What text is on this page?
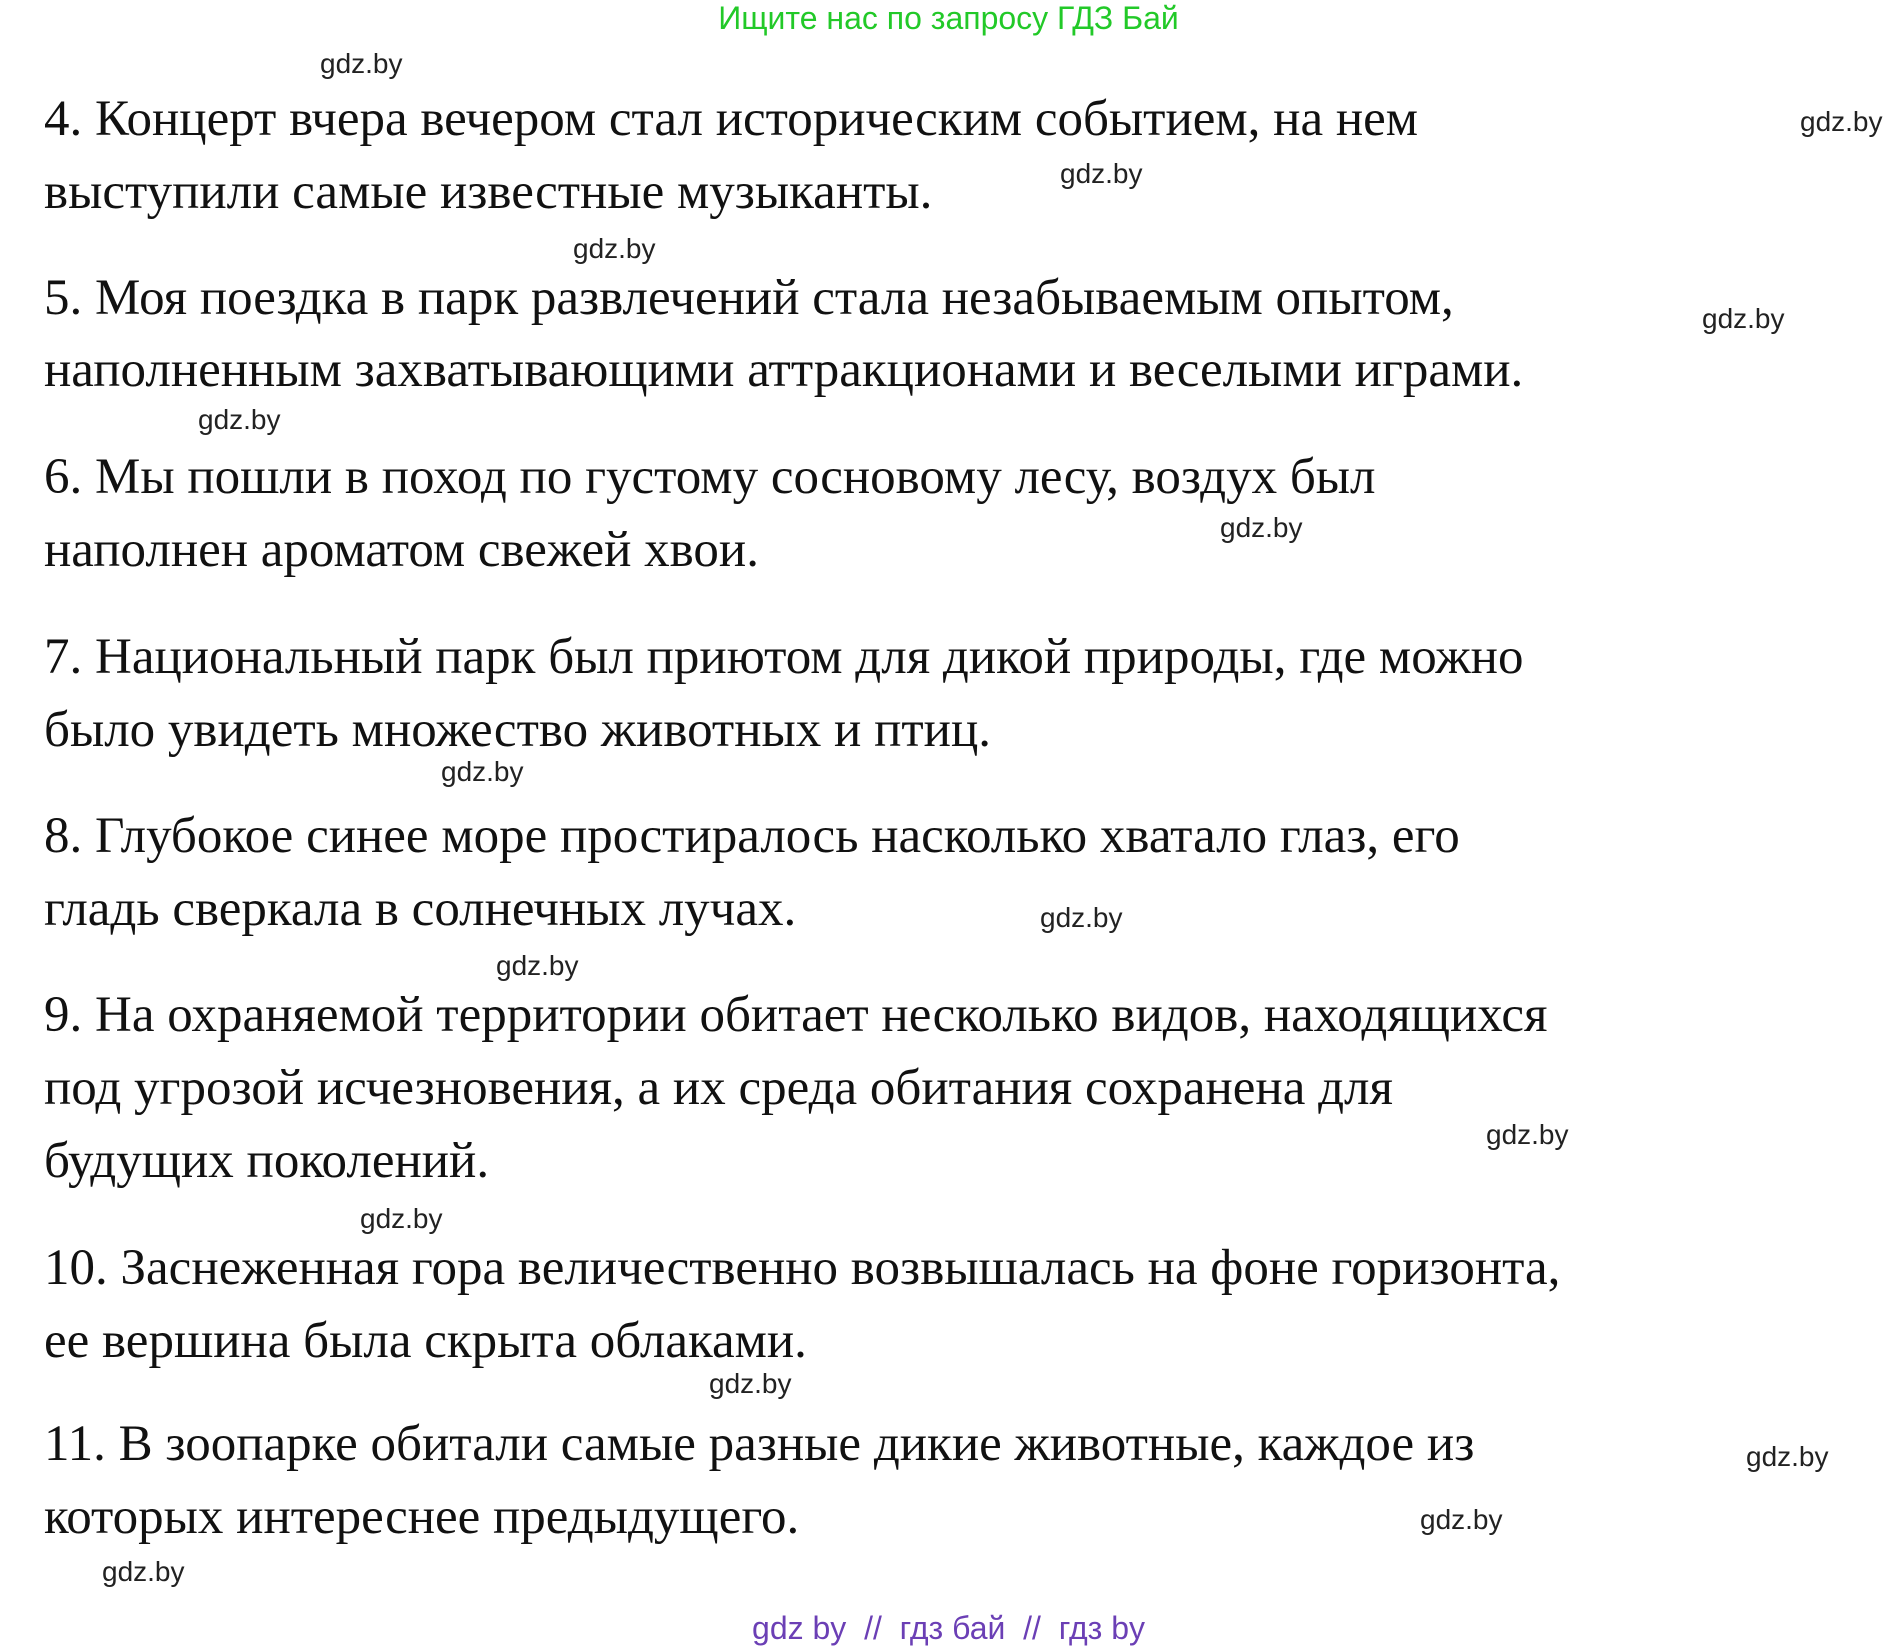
Ищите нас по запросу ГДЗ Бай
4. Концерт вчера вечером стал историческим событием, на нем
выступили самые известные музыканты.
5. Моя поездка в парк развлечений стала незабываемым опытом,
наполненным захватывающими аттракционами и веселыми играми.
6. Мы пошли в поход по густому сосновому лесу, воздух был
наполнен ароматом свежей хвои.
7. Национальный парк был приютом для дикой природы, где можно
было увидеть множество животных и птиц.
8. Глубокое синее море простиралось насколько хватало глаз, его
гладь сверкала в солнечных лучах.
9. На охраняемой территории обитает несколько видов, находящихся
под угрозой исчезновения, а их среда обитания сохранена для
будущих поколений.
10. Заснеженная гора величественно возвышалась на фоне горизонта,
ее вершина была скрыта облаками.
11. В зоопарке обитали самые разные дикие животные, каждое из
которых интереснее предыдущего.
gdz.by
gdz.by
gdz.by
gdz.by
gdz.by
gdz.by
gdz.by
gdz.by
gdz.by
gdz.by
gdz.by
gdz.by
gdz.by
gdz.by
gdz.by
gdz.by
gdz by  //  гдз бай  //  гдз by
